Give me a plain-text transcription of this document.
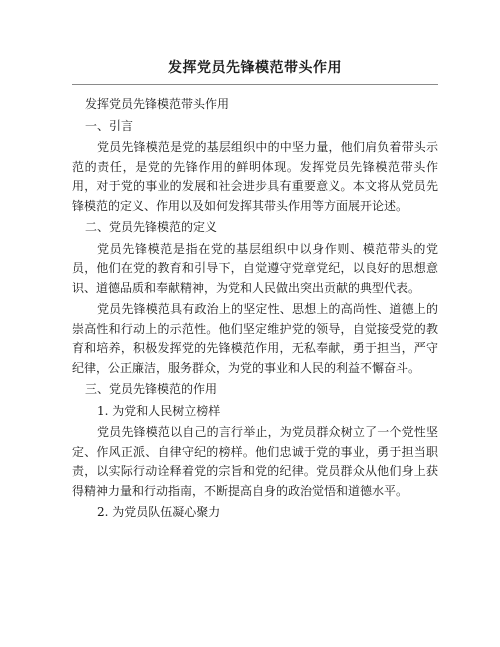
发挥党员先锋模范带头作用

发挥党员先锋模范带头作用

一、引言

党员先锋模范是党的基层组织中的中坚力量，他们肩负着带头示范的责任，是党的先锋作用的鲜明体现。发挥党员先锋模范带头作用，对于党的事业的发展和社会进步具有重要意义。本文将从党员先锋模范的定义、作用以及如何发挥其带头作用等方面展开论述。

二、党员先锋模范的定义

党员先锋模范是指在党的基层组织中以身作则、模范带头的党员，他们在党的教育和引导下，自觉遵守党章党纪，以良好的思想意识、道德品质和奉献精神，为党和人民做出突出贡献的典型代表。

党员先锋模范具有政治上的坚定性、思想上的高尚性、道德上的崇高性和行动上的示范性。他们坚定维护党的领导，自觉接受党的教育和培养，积极发挥党的先锋模范作用，无私奉献，勇于担当，严守纪律，公正廉洁，服务群众，为党的事业和人民的利益不懈奋斗。

三、党员先锋模范的作用

1. 为党和人民树立榜样

党员先锋模范以自己的言行举止，为党员群众树立了一个党性坚定、作风正派、自律守纪的榜样。他们忠诚于党的事业，勇于担当职责，以实际行动诠释着党的宗旨和党的纪律。党员群众从他们身上获得精神力量和行动指南，不断提高自身的政治觉悟和道德水平。

2. 为党员队伍凝心聚力
